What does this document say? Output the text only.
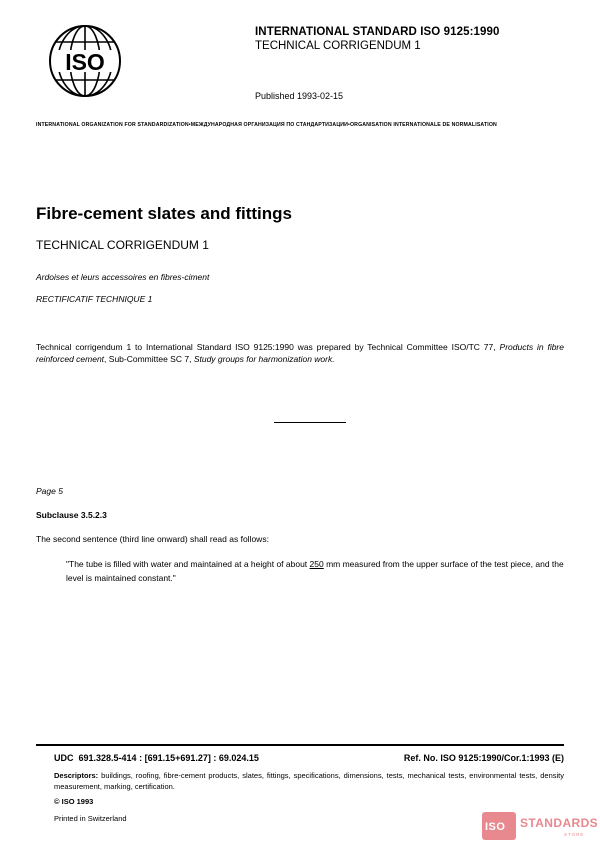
ISO
INTERNATIONAL STANDARD ISO 9125:1990
TECHNICAL CORRIGENDUM 1
Published 1993-02-15
INTERNATIONAL ORGANIZATION FOR STANDARDIZATION•МЕЖДУНАРОДНАЯ ОРГАНИЗАЦИЯ ПО СТАНДАРТИЗАЦИИ•ORGANISATION INTERNATIONALE DE NORMALISATION
Fibre-cement slates and fittings
TECHNICAL CORRIGENDUM 1
Ardoises et leurs accessoires en fibres-ciment
RECTIFICATIF TECHNIQUE 1
Technical corrigendum 1 to International Standard ISO 9125:1990 was prepared by Technical Committee ISO/TC 77, Products in fibre reinforced cement, Sub-Committee SC 7, Study groups for harmonization work.
Page 5
Subclause 3.5.2.3
The second sentence (third line onward) shall read as follows:
"The tube is filled with water and maintained at a height of about 250 mm measured from the upper surface of the test piece, and the level is maintained constant."
UDC 691.328.5-414 : [691.15+691.27] : 69.024.15	Ref. No. ISO 9125:1990/Cor.1:1993 (E)
Descriptors: buildings, roofing, fibre-cement products, slates, fittings, specifications, dimensions, tests, mechanical tests, environmental tests, density measurement, marking, certification.
© ISO 1993
Printed in Switzerland
ISO STANDARDS
STORE
